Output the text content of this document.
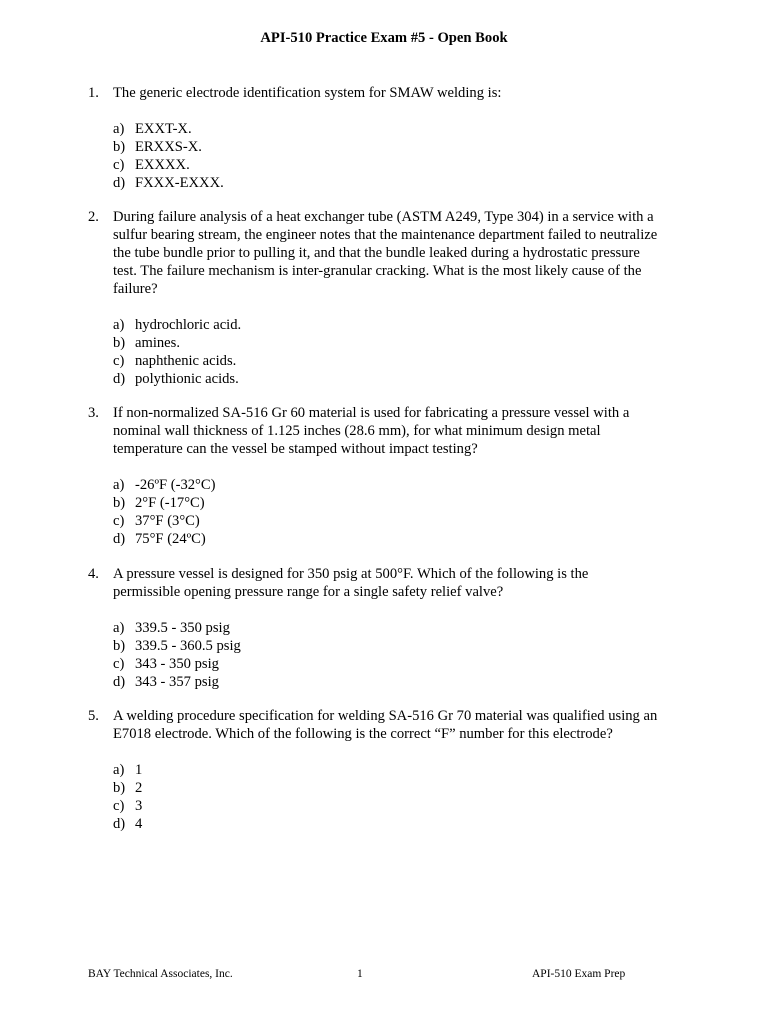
API-510 Practice Exam #5 - Open Book
1. The generic electrode identification system for SMAW welding is:
a) EXXT-X.
b) ERXXS-X.
c) EXXXX.
d) FXXX-EXXX.
2. During failure analysis of a heat exchanger tube (ASTM A249, Type 304) in a service with a
sulfur bearing stream, the engineer notes that the maintenance department failed to neutralize
the tube bundle prior to pulling it, and that the bundle leaked during a hydrostatic pressure
test. The failure mechanism is inter-granular cracking. What is the most likely cause of the
failure?
a) hydrochloric acid.
b) amines.
c) naphthenic acids.
d) polythionic acids.
3. If non-normalized SA-516 Gr 60 material is used for fabricating a pressure vessel with a
nominal wall thickness of 1.125 inches (28.6 mm), for what minimum design metal
temperature can the vessel be stamped without impact testing?
a) -26ºF (-32°C)
b) 2°F (-17°C)
c) 37°F (3°C)
d) 75°F (24ºC)
4. A pressure vessel is designed for 350 psig at 500°F. Which of the following is the
permissible opening pressure range for a single safety relief valve?
a) 339.5 - 350 psig
b) 339.5 - 360.5 psig
c) 343 - 350 psig
d) 343 - 357 psig
5. A welding procedure specification for welding SA-516 Gr 70 material was qualified using an
E7018 electrode. Which of the following is the correct “F” number for this electrode?
a) 1
b) 2
c) 3
d) 4
BAY Technical Associates, Inc.	1	API-510 Exam Prep
